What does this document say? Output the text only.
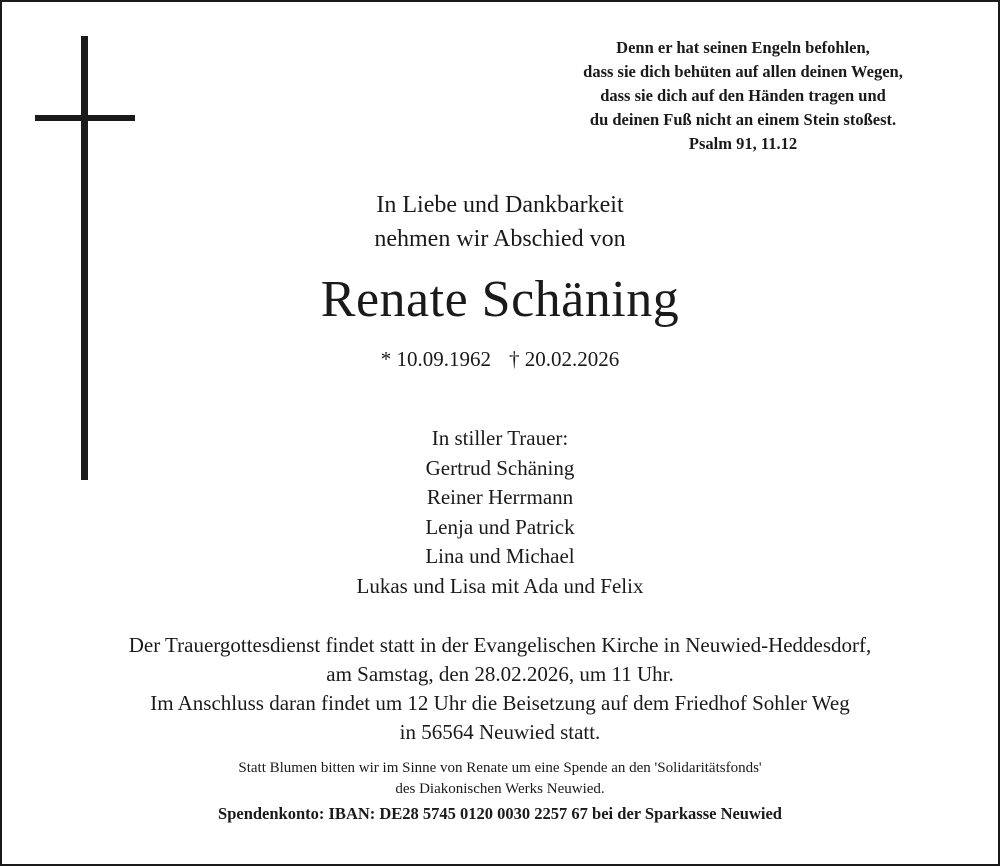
Denn er hat seinen Engeln befohlen,
dass sie dich behüten auf allen deinen Wegen,
dass sie dich auf den Händen tragen und
du deinen Fuß nicht an einem Stein stoßest.
Psalm 91, 11.12
In Liebe und Dankbarkeit
nehmen wir Abschied von
Renate Schäning
* 10.09.1962 † 20.02.2026
In stiller Trauer:
Gertrud Schäning
Reiner Herrmann
Lenja und Patrick
Lina und Michael
Lukas und Lisa mit Ada und Felix
Der Trauergottesdienst findet statt in der Evangelischen Kirche in Neuwied-Heddesdorf,
am Samstag, den 28.02.2026, um 11 Uhr.
Im Anschluss daran findet um 12 Uhr die Beisetzung auf dem Friedhof Sohler Weg
in 56564 Neuwied statt.
Statt Blumen bitten wir im Sinne von Renate um eine Spende an den 'Solidaritätsfonds'
des Diakonischen Werks Neuwied.
Spendenkonto: IBAN: DE28 5745 0120 0030 2257 67 bei der Sparkasse Neuwied
